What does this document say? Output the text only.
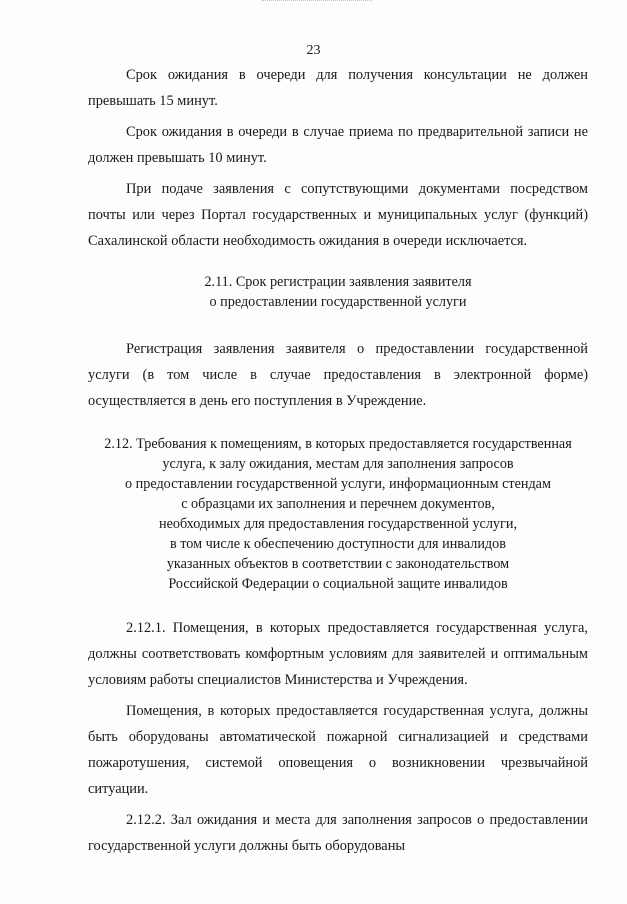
23

Срок ожидания в очереди для получения консультации не должен превышать 15 минут.

Срок ожидания в очереди в случае приема по предварительной записи не должен превышать 10 минут.

При подаче заявления с сопутствующими документами посредством почты или через Портал государственных и муниципальных услуг (функций) Сахалинской области необходимость ожидания в очереди исключается.

2.11. Срок регистрации заявления заявителя
о предоставлении государственной услуги

Регистрация заявления заявителя о предоставлении государственной услуги (в том числе в случае предоставления в электронной форме) осуществляется в день его поступления в Учреждение.

2.12. Требования к помещениям, в которых предоставляется государственная
услуга, к залу ожидания, местам для заполнения запросов
о предоставлении государственной услуги, информационным стендам
с образцами их заполнения и перечнем документов,
необходимых для предоставления государственной услуги,
в том числе к обеспечению доступности для инвалидов
указанных объектов в соответствии с законодательством
Российской Федерации о социальной защите инвалидов

2.12.1. Помещения, в которых предоставляется государственная услуга, должны соответствовать комфортным условиям для заявителей и оптимальным условиям работы специалистов Министерства и Учреждения.

Помещения, в которых предоставляется государственная услуга, должны быть оборудованы автоматической пожарной сигнализацией и средствами пожаротушения, системой оповещения о возникновении чрезвычайной ситуации.

2.12.2. Зал ожидания и места для заполнения запросов о предоставлении государственной услуги должны быть оборудованы
